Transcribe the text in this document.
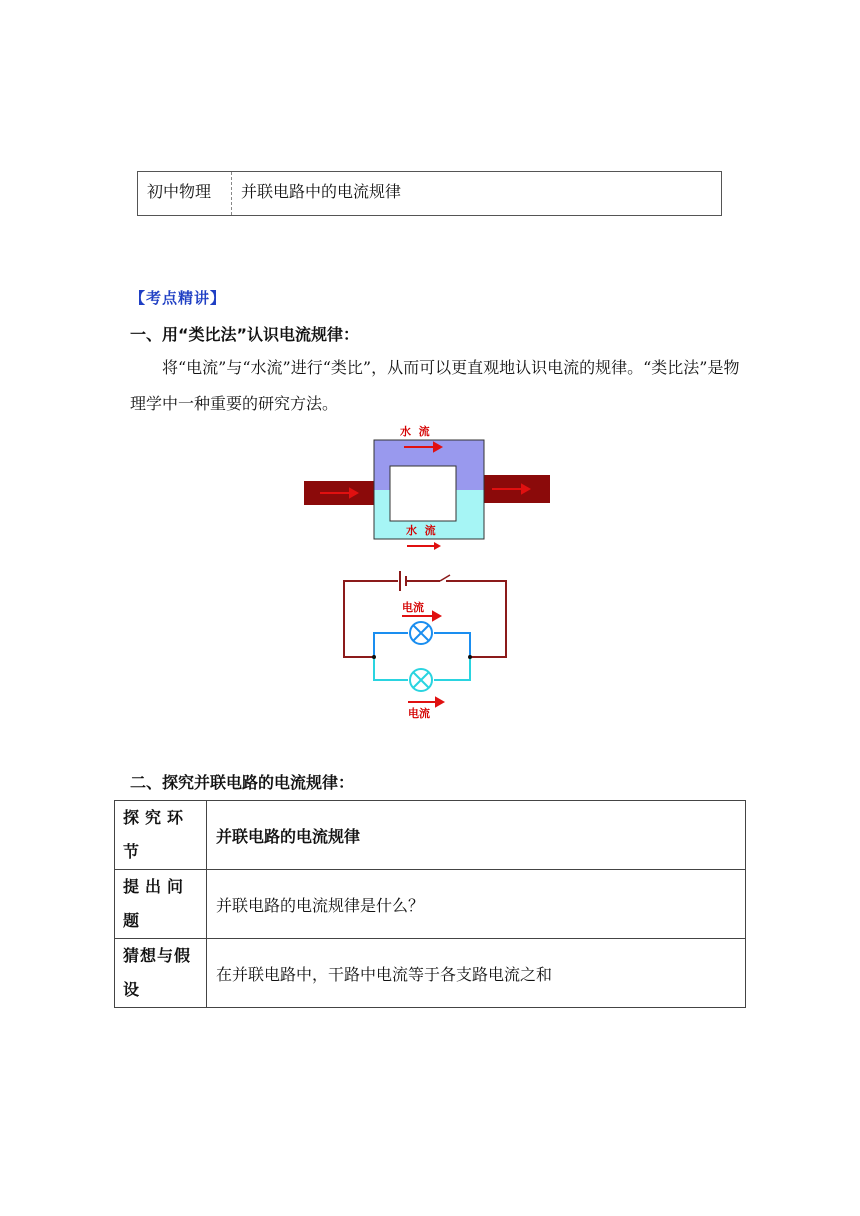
初中物理	并联电路中的电流规律
【考点精讲】
一、用“类比法”认识电流规律：
将“电流”与“水流”进行“类比”，从而可以更直观地认识电流的规律。“类比法”是物理学中一种重要的研究方法。
水  流
水  流
电流
电流
二、探究并联电路的电流规律：
探究环节	并联电路的电流规律
提出问题	并联电路的电流规律是什么？
猜想与假设	在并联电路中，干路中电流等于各支路电流之和
